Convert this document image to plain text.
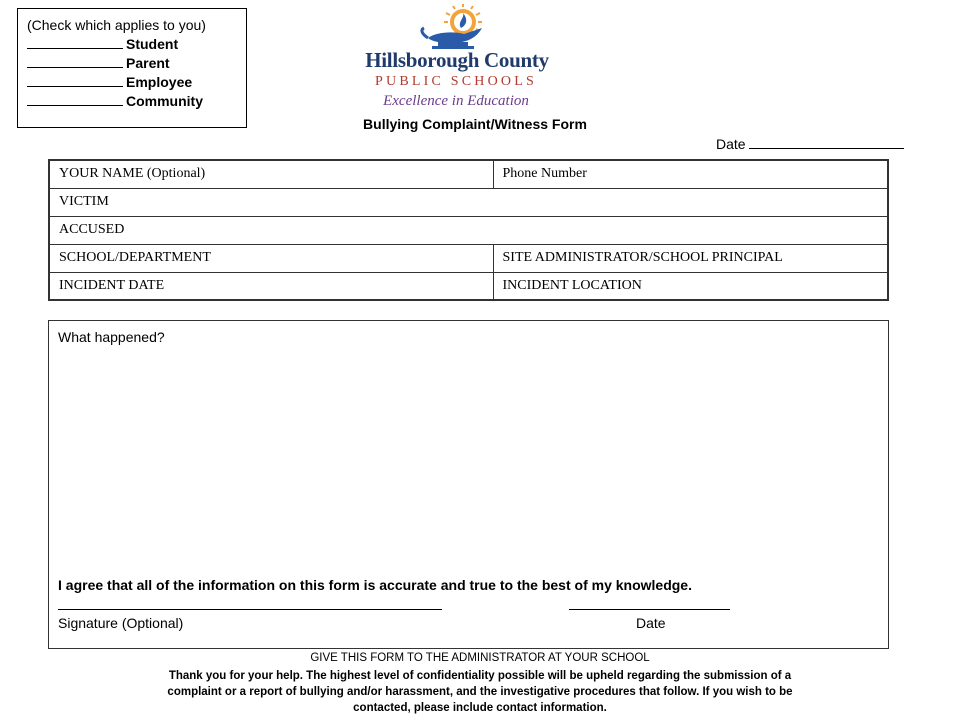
(Check which applies to you)
Student
Parent
Employee
Community
Hillsborough County
PUBLIC SCHOOLS
Excellence in Education
Bullying Complaint/Witness Form
Date
YOUR NAME (Optional)	Phone Number
VICTIM	
ACCUSED	
SCHOOL/DEPARTMENT	SITE ADMINISTRATOR/SCHOOL PRINCIPAL
INCIDENT DATE	INCIDENT LOCATION
What happened?
I agree that all of the information on this form is accurate and true to the best of my knowledge.
Signature (Optional)	Date
GIVE THIS FORM TO THE ADMINISTRATOR AT YOUR SCHOOL
Thank you for your help. The highest level of confidentiality possible will be upheld regarding the submission of a complaint or a report of bullying and/or harassment, and the investigative procedures that follow. If you wish to be contacted, please include contact information.
